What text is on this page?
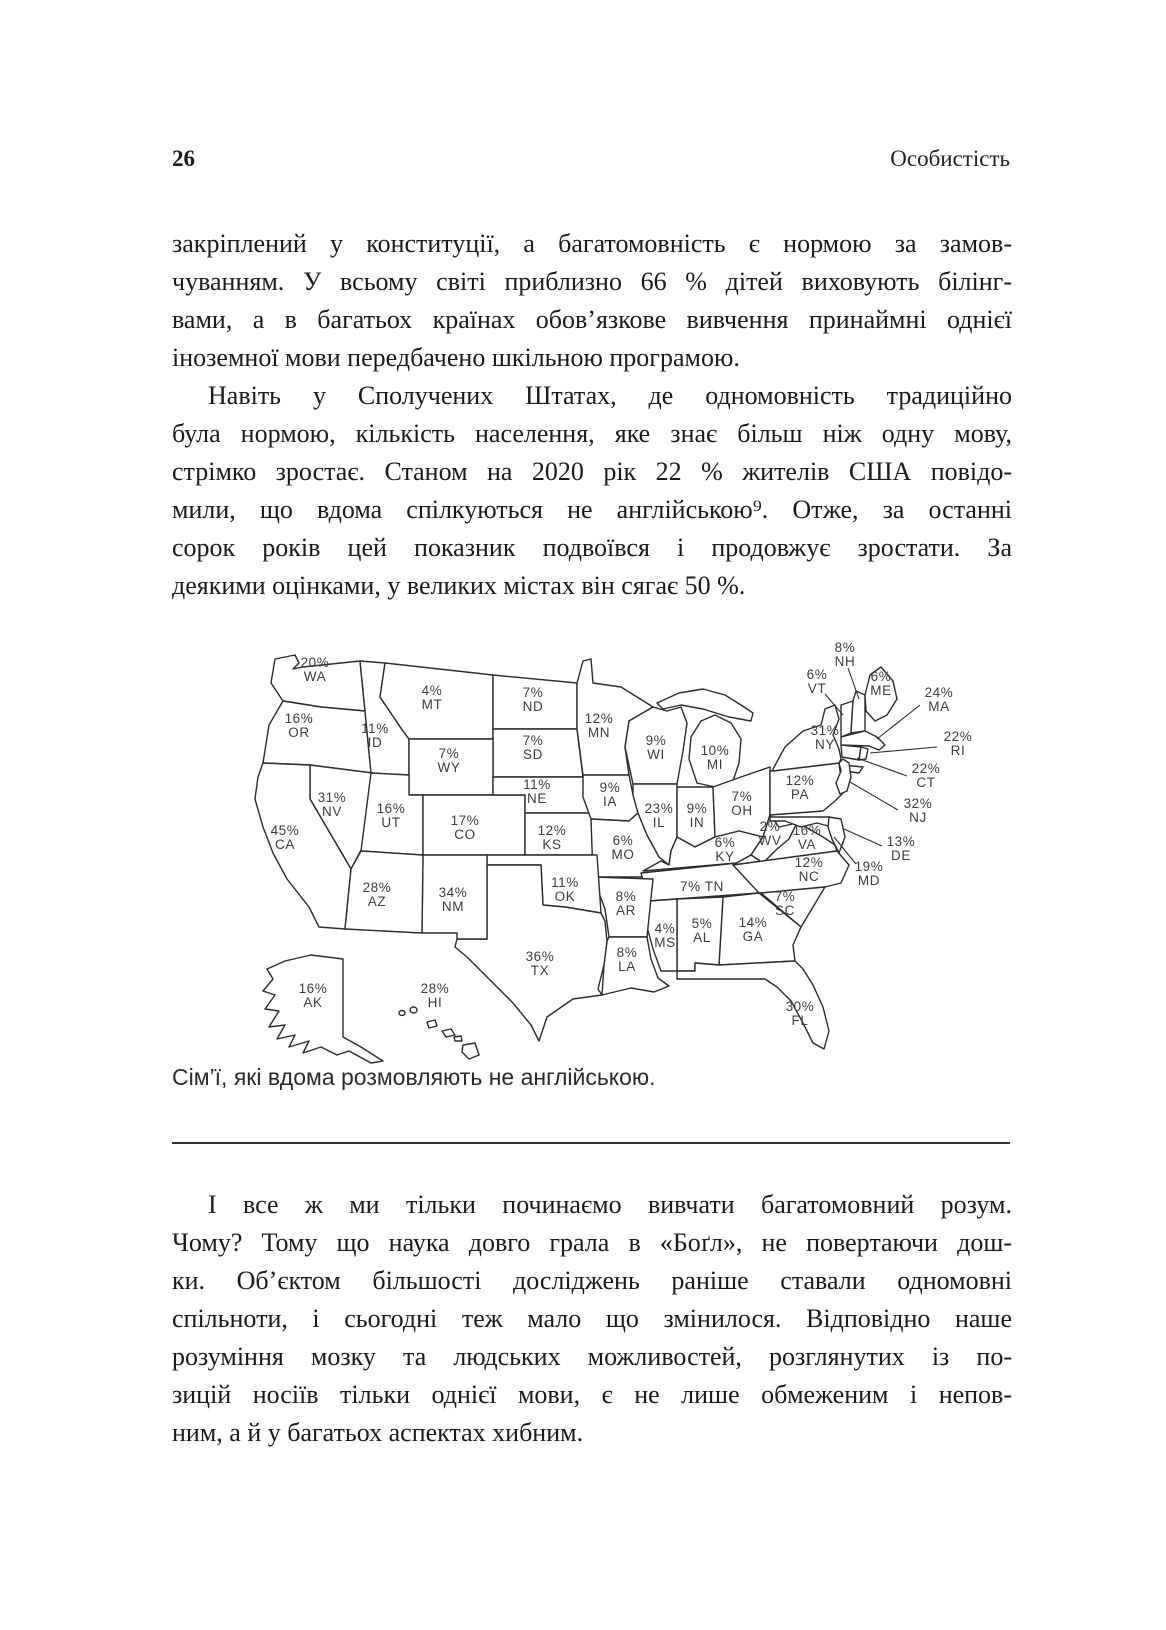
26	Особистість
закріплений у конституції, а багатомовність є нормою за замов-
чуванням. У всьому світі приблизно 66 % дітей виховують білінг-
вами, а в багатьох країнах обов’язкове вивчення принаймні однієї
іноземної мови передбачено шкільною програмою.
Навіть у Сполучених Штатах, де одномовність традиційно
була нормою, кількість населення, яке знає більш ніж одну мову,
стрімко зростає. Станом на 2020 рік 22 % жителів США повідо-
мили, що вдома спілкуються не англійською⁹. Отже, за останні
сорок років цей показник подвоївся і продовжує зростати. За
деякими оцінками, у великих містах він сягає 50 %.
20%
WA
16%
OR
45%
CA
31%
NV
11%
ID
16%
UT
28%
AZ
4%
MT
7%
WY
17%
CO
34%
NM
7%
ND
7%
SD
11%
NE
12%
KS
11%
OK
36%
TX
12%
MN
9%
IA
6%
MO
8%
AR
8%
LA
9%
WI
23%
IL
10%
MI
9%
IN
7%
OH
6%
KY
7% TN
4%
MS
5%
AL
14%
GA
30%
FL
7%
SC
12%
NC
16%
VA
2%
WV
12%
PA
31%
NY
6%
VT
8%
NH
6%
ME 24%
MA
22%
RI
22%
CT
32%
NJ
13%
DE
19%
MD
16%
AK
28%
HI
Сім’ї, які вдома розмовляють не англійською.
І все ж ми тільки починаємо вивчати багатомовний розум.
Чому? Тому що наука довго грала в «Боґл», не повертаючи дош-
ки. Об’єктом більшості досліджень раніше ставали одномовні
спільноти, і сьогодні теж мало що змінилося. Відповідно наше
розуміння мозку та людських можливостей, розглянутих із по-
зицій носіїв тільки однієї мови, є не лише обмеженим і непов-
ним, а й у багатьох аспектах хибним.
